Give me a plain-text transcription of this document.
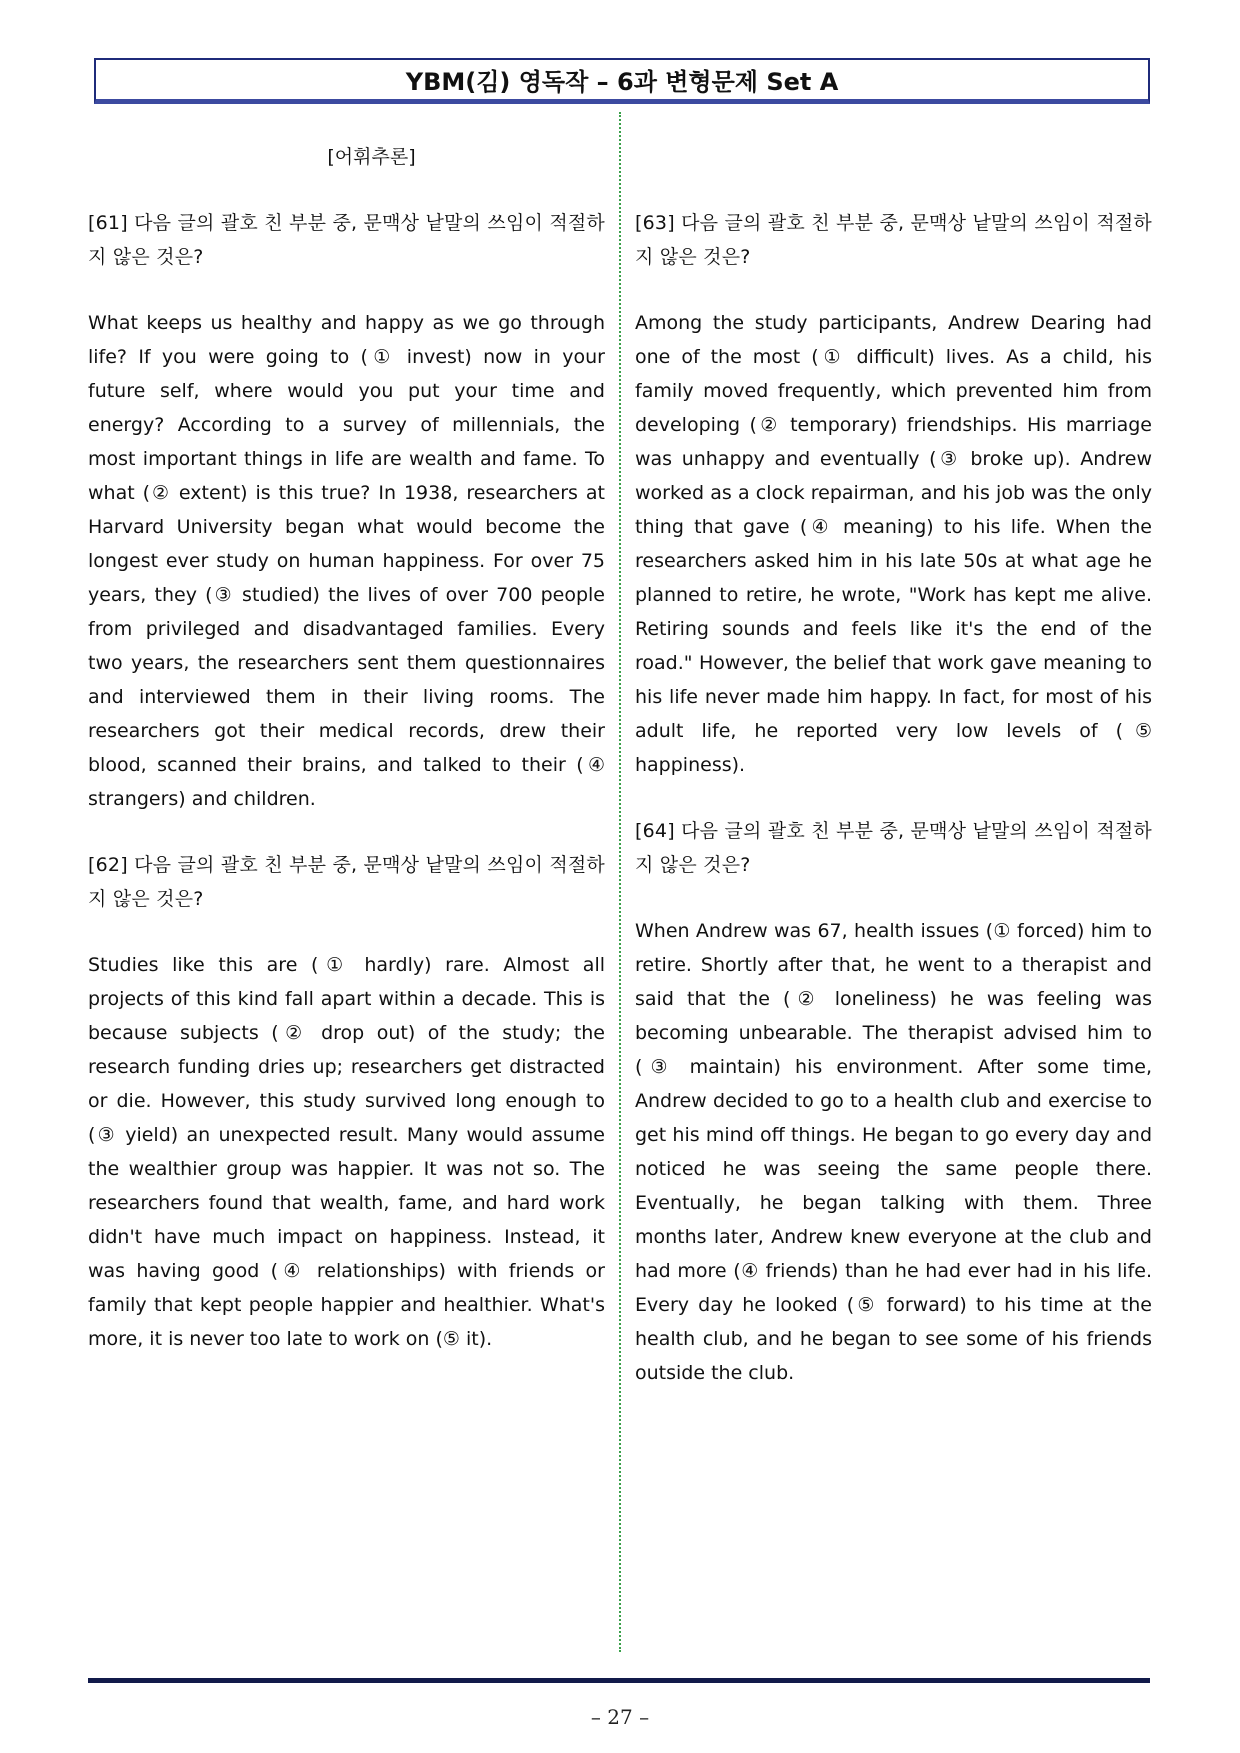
YBM(김) 영독작 – 6과 변형문제 Set A
[어휘추론]
[61] 다음 글의 괄호 친 부분 중, 문맥상 낱말의 쓰임이 적절하지 않은 것은?
What keeps us healthy and happy as we go through life? If you were going to (① invest) now in your future self, where would you put your time and energy? According to a survey of millennials, the most important things in life are wealth and fame. To what (② extent) is this true? In 1938, researchers at Harvard University began what would become the longest ever study on human happiness. For over 75 years, they (③ studied) the lives of over 700 people from privileged and disadvantaged families. Every two years, the researchers sent them questionnaires and interviewed them in their living rooms. The researchers got their medical records, drew their blood, scanned their brains, and talked to their (④ strangers) and children.
[62] 다음 글의 괄호 친 부분 중, 문맥상 낱말의 쓰임이 적절하지 않은 것은?
Studies like this are (① hardly) rare. Almost all projects of this kind fall apart within a decade. This is because subjects (② drop out) of the study; the research funding dries up; researchers get distracted or die. However, this study survived long enough to (③ yield) an unexpected result. Many would assume the wealthier group was happier. It was not so. The researchers found that wealth, fame, and hard work didn't have much impact on happiness. Instead, it was having good (④ relationships) with friends or family that kept people happier and healthier. What's more, it is never too late to work on (⑤ it).
[63] 다음 글의 괄호 친 부분 중, 문맥상 낱말의 쓰임이 적절하지 않은 것은?
Among the study participants, Andrew Dearing had one of the most (① difficult) lives. As a child, his family moved frequently, which prevented him from developing (② temporary) friendships. His marriage was unhappy and eventually (③ broke up). Andrew worked as a clock repairman, and his job was the only thing that gave (④ meaning) to his life. When the researchers asked him in his late 50s at what age he planned to retire, he wrote, "Work has kept me alive. Retiring sounds and feels like it's the end of the road." However, the belief that work gave meaning to his life never made him happy. In fact, for most of his adult life, he reported very low levels of (⑤ happiness).
[64] 다음 글의 괄호 친 부분 중, 문맥상 낱말의 쓰임이 적절하지 않은 것은?
When Andrew was 67, health issues (① forced) him to retire. Shortly after that, he went to a therapist and said that the (② loneliness) he was feeling was becoming unbearable. The therapist advised him to (③ maintain) his environment. After some time, Andrew decided to go to a health club and exercise to get his mind off things. He began to go every day and noticed he was seeing the same people there. Eventually, he began talking with them. Three months later, Andrew knew everyone at the club and had more (④ friends) than he had ever had in his life. Every day he looked (⑤ forward) to his time at the health club, and he began to see some of his friends outside the club.
– 27 –
